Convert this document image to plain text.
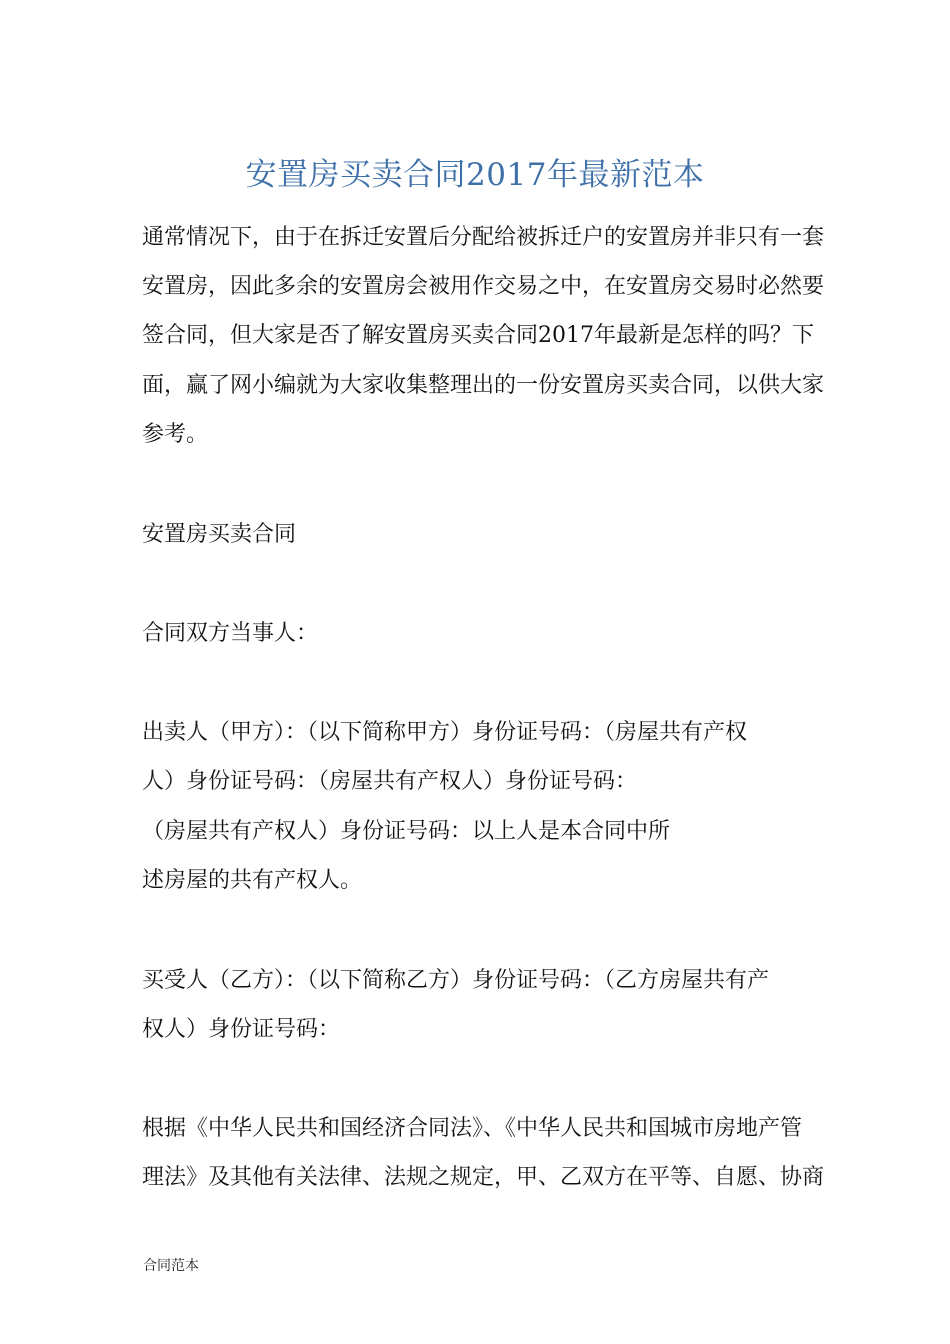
安置房买卖合同2017年最新范本
通常情况下，由于在拆迁安置后分配给被拆迁户的安置房并非只有一套
安置房，因此多余的安置房会被用作交易之中，在安置房交易时必然要
签合同，但大家是否了解安置房买卖合同2017年最新是怎样的吗？下
面，赢了网小编就为大家收集整理出的一份安置房买卖合同，以供大家
参考。
安置房买卖合同
合同双方当事人：
出卖人（甲方）：（以下简称甲方）身份证号码：（房屋共有产权
人）身份证号码：（房屋共有产权人）身份证号码：
（房屋共有产权人）身份证号码：以上人是本合同中所
述房屋的共有产权人。
买受人（乙方）：（以下简称乙方）身份证号码：（乙方房屋共有产
权人）身份证号码：
根据《中华人民共和国经济合同法》、《中华人民共和国城市房地产管
理法》及其他有关法律、法规之规定，甲、乙双方在平等、自愿、协商
合同范本
